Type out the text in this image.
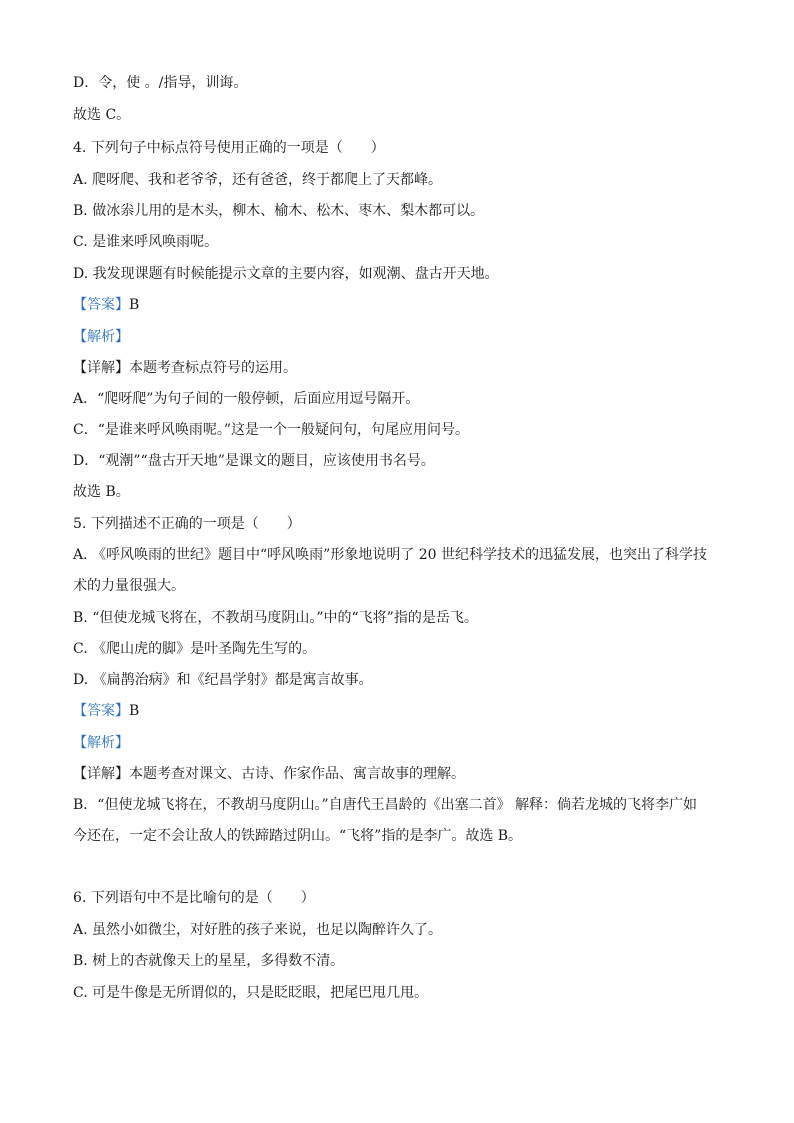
D．令，使 。/指导，训诲。
故选 C。
4. 下列句子中标点符号使用正确的一项是（　　）
A. 爬呀爬、我和老爷爷，还有爸爸，终于都爬上了天都峰。
B. 做冰尜儿用的是木头，柳木、榆木、松木、枣木、梨木都可以。
C. 是谁来呼风唤雨呢。
D. 我发现课题有时候能提示文章的主要内容，如观潮、盘古开天地。
【答案】B
【解析】
【详解】本题考查标点符号的运用。
A．“爬呀爬”为句子间的一般停顿，后面应用逗号隔开。
C．“是谁来呼风唤雨呢。”这是一个一般疑问句，句尾应用问号。
D．“观潮”“盘古开天地”是课文的题目，应该使用书名号。
故选 B。
5. 下列描述不正确的一项是（　　）
A. 《呼风唤雨的世纪》题目中“呼风唤雨”形象地说明了 20 世纪科学技术的迅猛发展，也突出了科学技
术的力量很强大。
B. “但使龙城飞将在，不教胡马度阴山。”中的“飞将”指的是岳飞。
C. 《爬山虎的脚》是叶圣陶先生写的。
D. 《扁鹊治病》和《纪昌学射》都是寓言故事。
【答案】B
【解析】
【详解】本题考查对课文、古诗、作家作品、寓言故事的理解。
B．“但使龙城飞将在，不教胡马度阴山。”自唐代王昌龄的《出塞二首》 解释：倘若龙城的飞将李广如
今还在，一定不会让敌人的铁蹄踏过阴山。“飞将”指的是李广。故选 B。
6. 下列语句中不是比喻句的是（　　）
A. 虽然小如微尘，对好胜的孩子来说，也足以陶醉许久了。
B. 树上的杏就像天上的星星，多得数不清。
C. 可是牛像是无所谓似的，只是眨眨眼，把尾巴甩几甩。
